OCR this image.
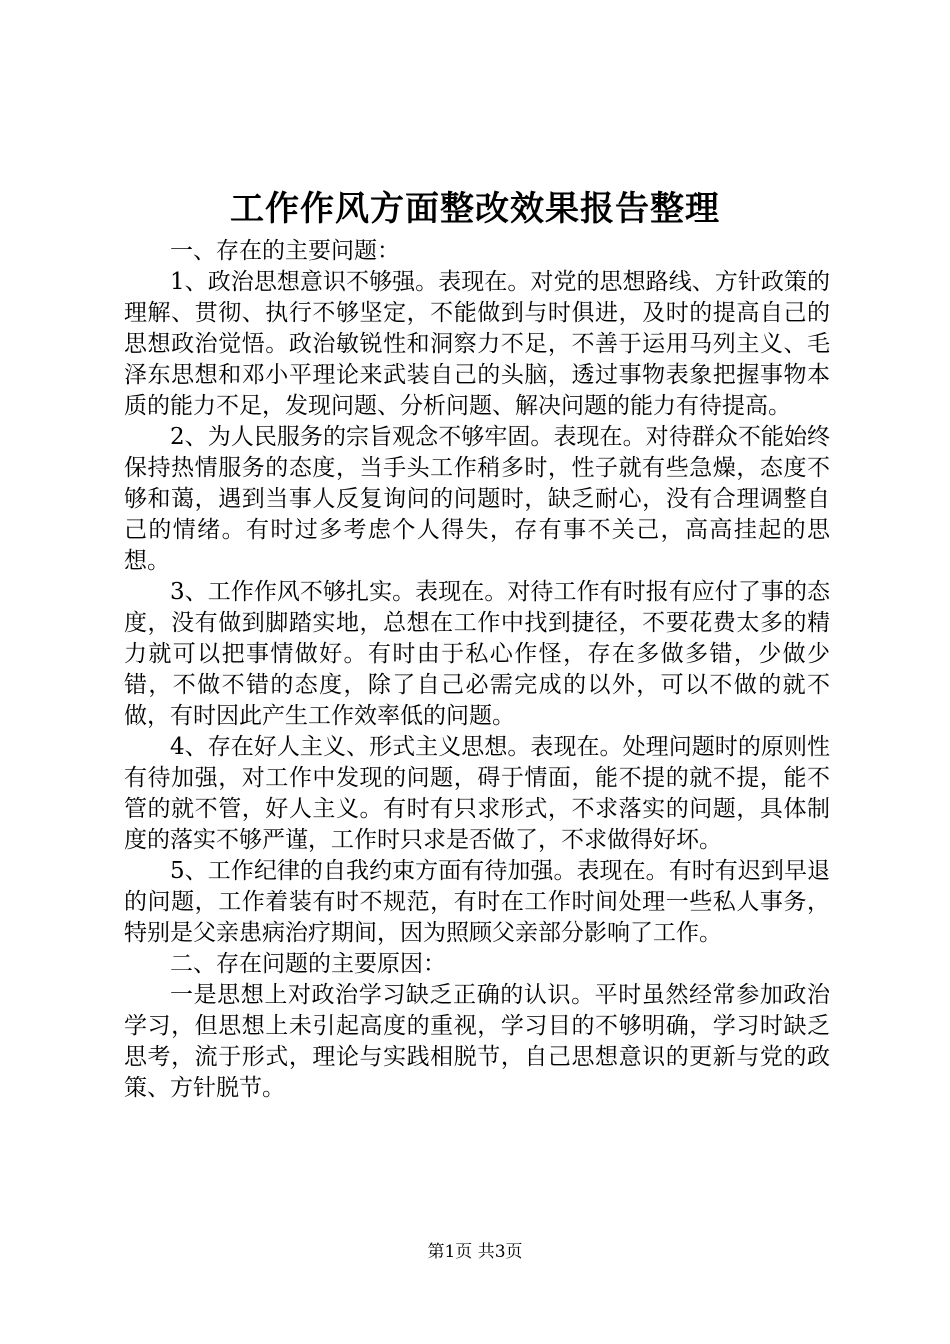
工作作风方面整改效果报告整理

一、存在的主要问题：

1、政治思想意识不够强。表现在。对党的思想路线、方针政策的理解、贯彻、执行不够坚定，不能做到与时俱进，及时的提高自己的思想政治觉悟。政治敏锐性和洞察力不足，不善于运用马列主义、毛泽东思想和邓小平理论来武装自己的头脑，透过事物表象把握事物本质的能力不足，发现问题、分析问题、解决问题的能力有待提高。

2、为人民服务的宗旨观念不够牢固。表现在。对待群众不能始终保持热情服务的态度，当手头工作稍多时，性子就有些急燥，态度不够和蔼，遇到当事人反复询问的问题时，缺乏耐心，没有合理调整自己的情绪。有时过多考虑个人得失，存有事不关己，高高挂起的思想。

3、工作作风不够扎实。表现在。对待工作有时报有应付了事的态度，没有做到脚踏实地，总想在工作中找到捷径，不要花费太多的精力就可以把事情做好。有时由于私心作怪，存在多做多错，少做少错，不做不错的态度，除了自己必需完成的以外，可以不做的就不做，有时因此产生工作效率低的问题。

4、存在好人主义、形式主义思想。表现在。处理问题时的原则性有待加强，对工作中发现的问题，碍于情面，能不提的就不提，能不管的就不管，好人主义。有时有只求形式，不求落实的问题，具体制度的落实不够严谨，工作时只求是否做了，不求做得好坏。

5、工作纪律的自我约束方面有待加强。表现在。有时有迟到早退的问题，工作着装有时不规范，有时在工作时间处理一些私人事务，特别是父亲患病治疗期间，因为照顾父亲部分影响了工作。

二、存在问题的主要原因：

一是思想上对政治学习缺乏正确的认识。平时虽然经常参加政治学习，但思想上未引起高度的重视，学习目的不够明确，学习时缺乏思考，流于形式，理论与实践相脱节，自己思想意识的更新与党的政策、方针脱节。

第1页 共3页
